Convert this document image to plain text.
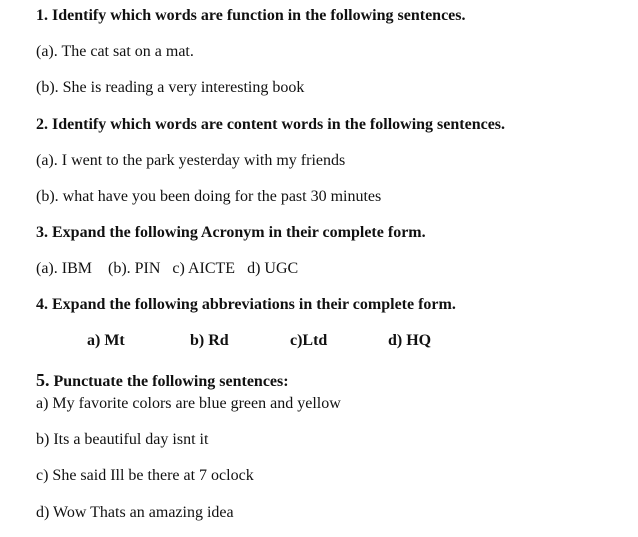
1. Identify which words are function in the following sentences.
(a). The cat sat on a mat.
(b). She is reading a very interesting book
2. Identify which words are content words in the following sentences.
(a). I went to the park yesterday with my friends
(b). what have you been doing for the past 30 minutes
3. Expand the following Acronym in their complete form.
(a). IBM    (b). PIN   c) AICTE   d) UGC
4. Expand the following abbreviations in their complete form.
a) Mt	b) Rd	c)Ltd	d) HQ
5. Punctuate the following sentences:
a) My favorite colors are blue green and yellow
b) Its a beautiful day isnt it
c) She said Ill be there at 7 oclock
d) Wow Thats an amazing idea
